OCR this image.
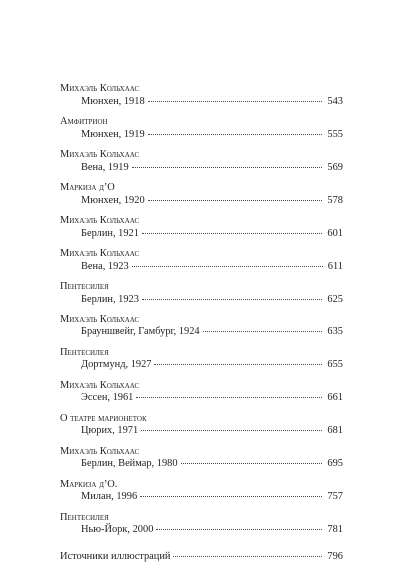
Михаэль Кольхаас
Мюнхен, 1918	543
Амфитрион
Мюнхен, 1919	555
Михаэль Кольхаас
Вена, 1919	569
Маркиза д’О
Мюнхен, 1920	578
Михаэль Кольхаас
Берлин, 1921	601
Михаэль Кольхаас
Вена, 1923	611
Пентесилея
Берлин, 1923	625
Михаэль Кольхаас
Брауншвейг, Гамбург, 1924	635
Пентесилея
Дортмунд, 1927	655
Михаэль Кольхаас
Эссен, 1961	661
О театре марионеток
Цюрих, 1971	681
Михаэль Кольхаас
Берлин, Веймар, 1980	695
Маркиза д’О.
Милан, 1996	757
Пентесилея
Нью-Йорк, 2000	781
Источники иллюстраций	796
